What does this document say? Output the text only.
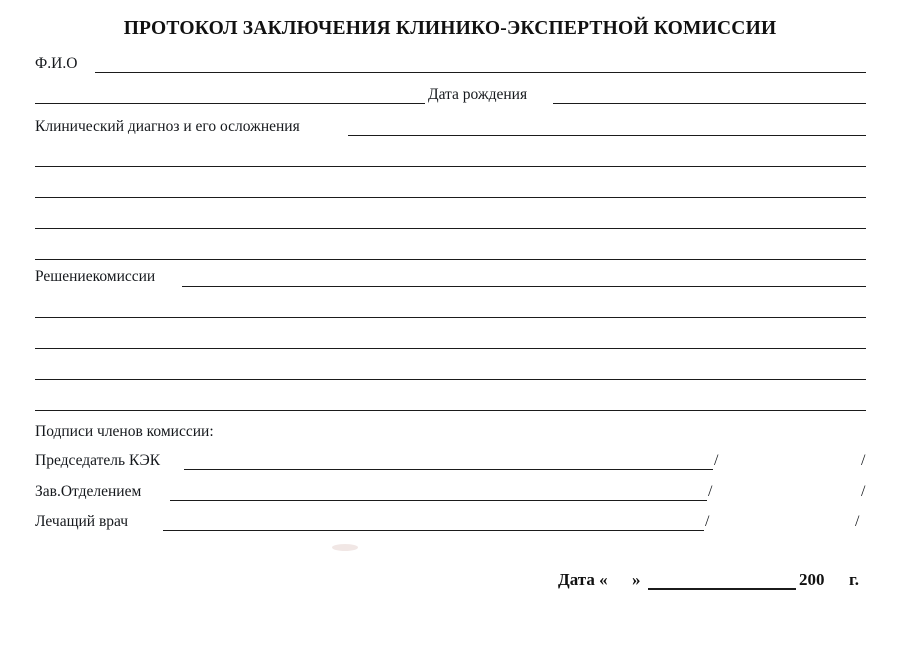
ПРОТОКОЛ ЗАКЛЮЧЕНИЯ КЛИНИКО-ЭКСПЕРТНОЙ КОМИССИИ
Ф.И.О
Дата рождения
Клинический диагноз и его осложнения
Решениекомиссии
Подписи членов комиссии:
Председатель КЭК	/	/
Зав.Отделением	/	/
Лечащий врач	/	/
Дата « »	200 г.
